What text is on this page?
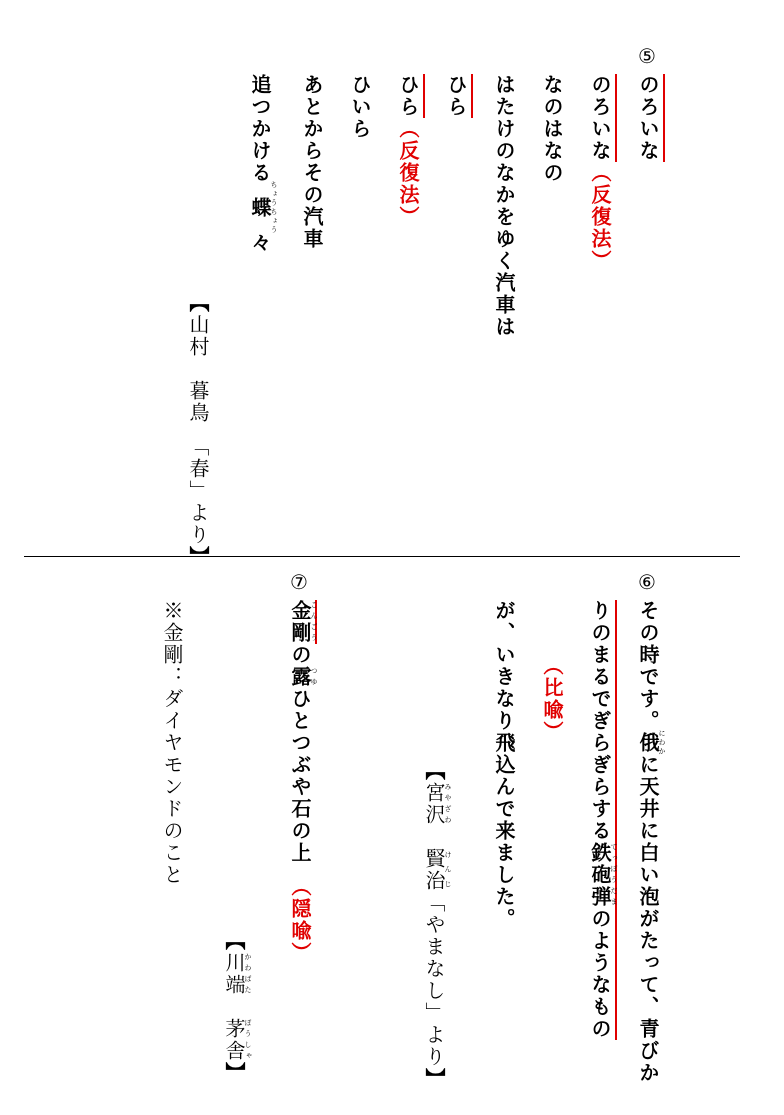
⑤
のろいな
のろいな（反復法）
なのはなの
はたけのなかをゆく汽車は
ひら
ひら（反復法）
ひいら
あとからその汽車
追つかける蝶ちょうちょう々
【山村　暮鳥　「春」より】
⑥
その時です。俄にわかに天井に白い泡がたって、青びか
りのまるでぎらぎらする鉄砲弾てっぽうだまのようなもの
（比喩）
が、いきなり飛込んで来ました。
【宮沢みやざわ　賢治けんじ「やまなし」より】
⑦
金剛こんごうの露つゆひとつぶや石の上　（隠喩）
【川端かわばた　茅舎ぼうしゃ】
※金剛：ダイヤモンドのこと
